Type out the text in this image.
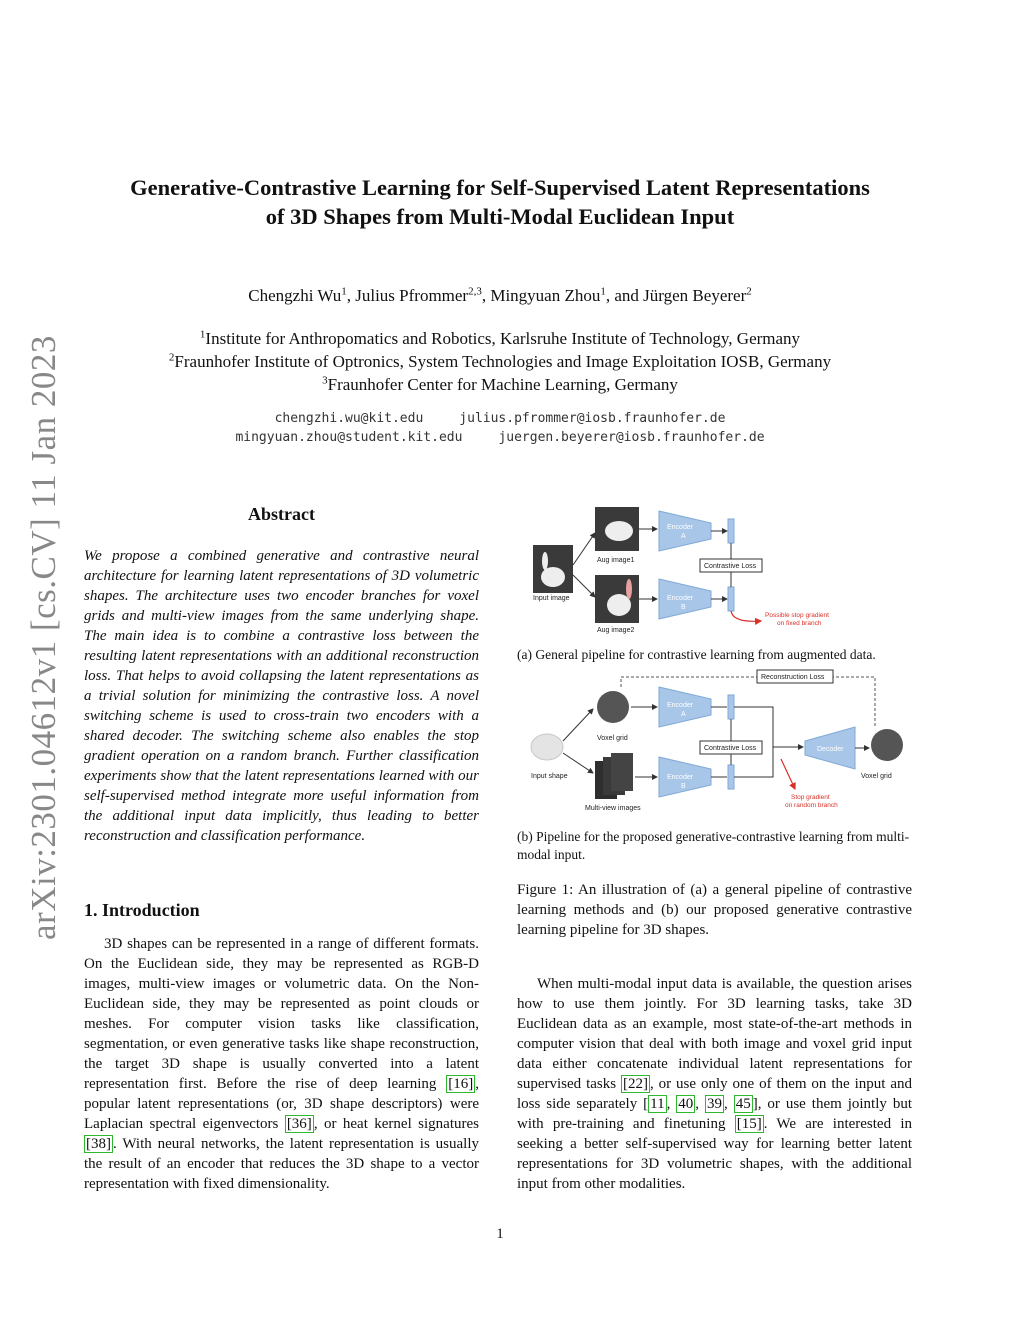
arXiv:2301.04612v1 [cs.CV] 11 Jan 2023
Generative-Contrastive Learning for Self-Supervised Latent Representations
of 3D Shapes from Multi-Modal Euclidean Input
Chengzhi Wu$^1$, Julius Pfrommer$^{2,3}$, Mingyuan Zhou$^1$, and Jürgen Beyerer$^2$
$^1$Institute for Anthropomatics and Robotics, Karlsruhe Institute of Technology, Germany
$^2$Fraunhofer Institute of Optronics, System Technologies and Image Exploitation IOSB, Germany
$^3$Fraunhofer Center for Machine Learning, Germany
chengzhi.wu@kit.edu	julius.pfrommer@iosb.fraunhofer.de
mingyuan.zhou@student.kit.edu	juergen.beyerer@iosb.fraunhofer.de
Abstract

We propose a combined generative and contrastive neural architecture for learning latent representations of 3D volumetric shapes. The architecture uses two encoder branches for voxel grids and multi-view images from the same underlying shape. The main idea is to combine a contrastive loss between the resulting latent representations with an additional reconstruction loss. That helps to avoid collapsing the latent representations as a trivial solution for minimizing the contrastive loss. A novel switching scheme is used to cross-train two encoders with a shared decoder. The switching scheme also enables the stop gradient operation on a random branch. Further classification experiments show that the latent representations learned with our self-supervised method integrate more useful information from the additional input data implicitly, thus leading to better reconstruction and classification performance.

1. Introduction

3D shapes can be represented in a range of different formats. On the Euclidean side, they may be represented as RGB-D images, multi-view images or volumetric data. On the Non-Euclidean side, they may be represented as point clouds or meshes. For computer vision tasks like classification, segmentation, or even generative tasks like shape reconstruction, the target 3D shape is usually converted into a latent representation first. Before the rise of deep learning [16] , popular latent representations (or, 3D shape descriptors) were Laplacian spectral eigenvectors [36] , or heat kernel signatures [38] . With neural networks, the latent representation is usually the result of an encoder that reduces the 3D shape to a vector representation with fixed dimensionality.

Input image
Aug image1
Aug image2
Encoder
A
Encoder
B
Contrastive Loss
Possible stop gradient
on fixed branch
(a) General pipeline for contrastive learning from augmented data.
Reconstruction Loss
Input shape
Voxel grid
Multi-view images
Encoder
A
Encoder
B
Contrastive Loss	Decoder
Voxel grid
Stop gradient
on random branch
(b) Pipeline for the proposed generative-contrastive learning from multi-modal input.

Figure 1: An illustration of (a) a general pipeline of contrastive learning methods and (b) our proposed generative contrastive learning pipeline for 3D shapes.

When multi-modal input data is available, the question arises how to use them jointly. For 3D learning tasks, take 3D Euclidean data as an example, most state-of-the-art methods in computer vision that deal with both image and voxel grid input data either concatenate individual latent representations for supervised tasks [22] , or use only one of them on the input and loss side separately [ 11 , 40 , 39 , 45 ], or use them jointly but with pre-training and finetuning [15] . We are interested in seeking a better self-supervised way for learning better latent representations for 3D volumetric shapes, with the additional input from other modalities.

1
